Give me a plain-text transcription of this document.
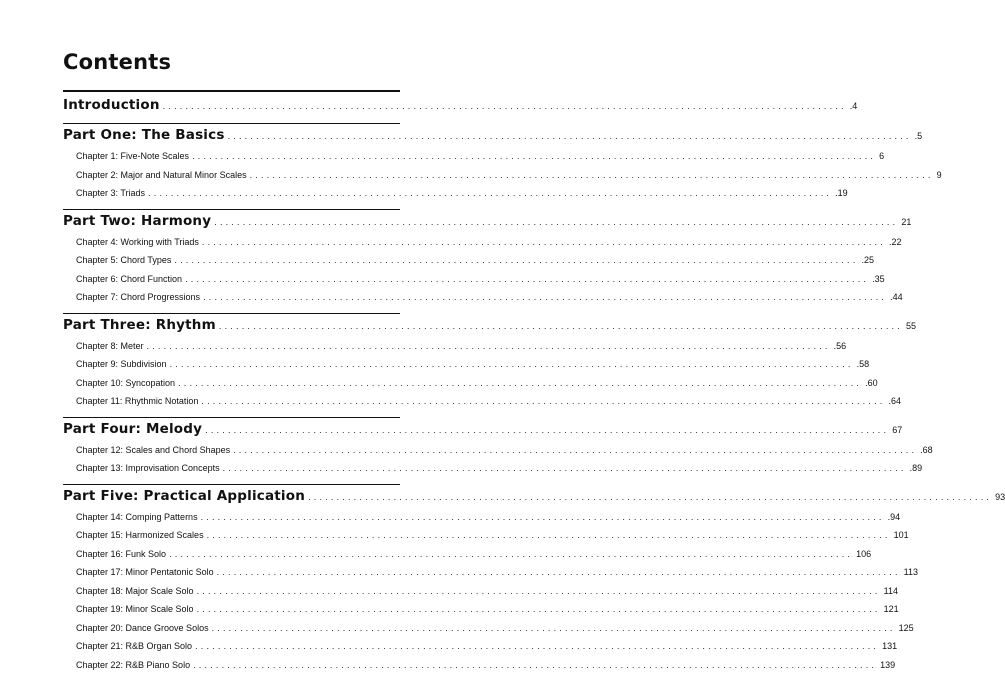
Contents
Introduction ........................................................................................................................ .4
Part One: The Basics ........................................................................................................................ .5
Chapter 1: Five-Note Scales ........................................................................................................................ 6
Chapter 2: Major and Natural Minor Scales ........................................................................................................................ 9
Chapter 3: Triads ........................................................................................................................ .19
Part Two: Harmony ........................................................................................................................ 21
Chapter 4: Working with Triads ........................................................................................................................ .22
Chapter 5: Chord Types ........................................................................................................................ .25
Chapter 6: Chord Function ........................................................................................................................ .35
Chapter 7: Chord Progressions ........................................................................................................................ .44
Part Three: Rhythm ........................................................................................................................ 55
Chapter 8: Meter ........................................................................................................................ .56
Chapter 9: Subdivision ........................................................................................................................ .58
Chapter 10: Syncopation ........................................................................................................................ .60
Chapter 11: Rhythmic Notation ........................................................................................................................ .64
Part Four: Melody ........................................................................................................................ 67
Chapter 12: Scales and Chord Shapes ........................................................................................................................ .68
Chapter 13: Improvisation Concepts ........................................................................................................................ .89
Part Five: Practical Application ........................................................................................................................ 93
Chapter 14: Comping Patterns ........................................................................................................................ .94
Chapter 15: Harmonized Scales ........................................................................................................................ 101
Chapter 16: Funk Solo ........................................................................................................................ 106
Chapter 17: Minor Pentatonic Solo ........................................................................................................................ 113
Chapter 18: Major Scale Solo ........................................................................................................................ 114
Chapter 19: Minor Scale Solo ........................................................................................................................ 121
Chapter 20: Dance Groove Solos ........................................................................................................................ 125
Chapter 21: R&B Organ Solo ........................................................................................................................ 131
Chapter 22: R&B Piano Solo ........................................................................................................................ 139
